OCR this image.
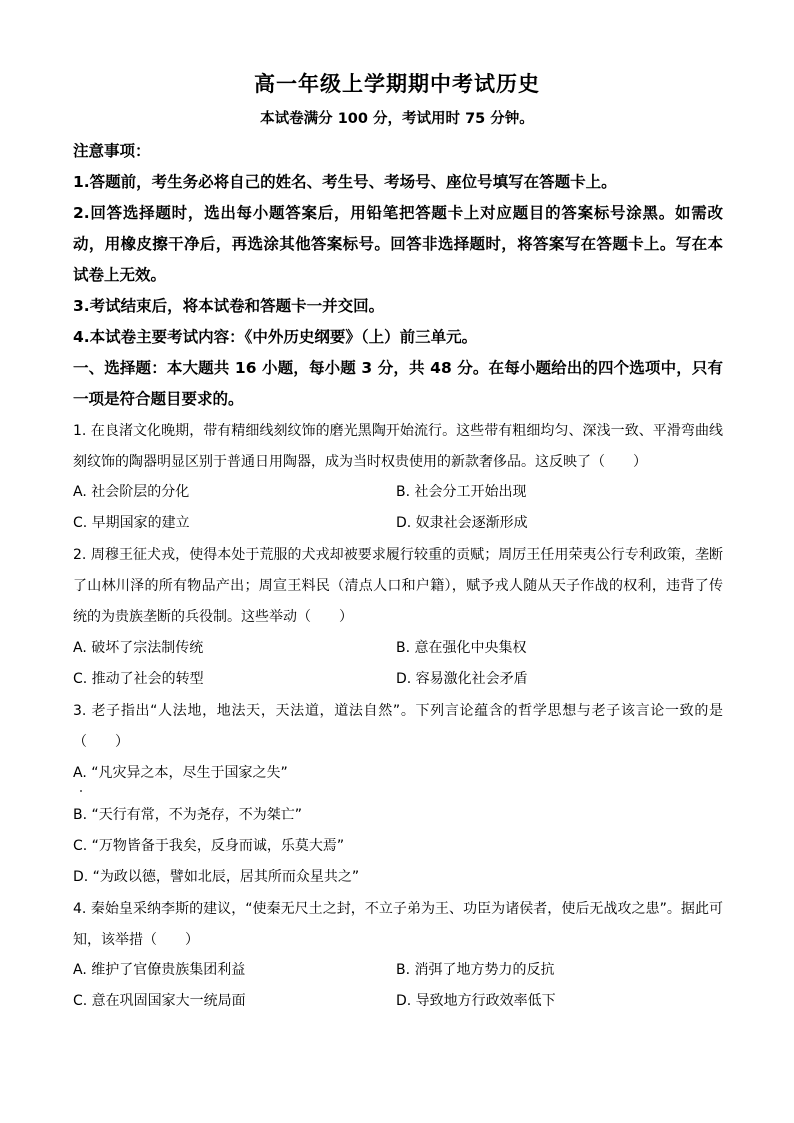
高一年级上学期期中考试历史
本试卷满分 100 分，考试用时 75 分钟。
注意事项：
1.答题前，考生务必将自己的姓名、考生号、考场号、座位号填写在答题卡上。
2.回答选择题时，选出每小题答案后，用铅笔把答题卡上对应题目的答案标号涂黑。如需改动，用橡皮擦干净后，再选涂其他答案标号。回答非选择题时，将答案写在答题卡上。写在本试卷上无效。
3.考试结束后，将本试卷和答题卡一并交回。
4.本试卷主要考试内容：《中外历史纲要》（上）前三单元。
一、选择题：本大题共 16 小题，每小题 3 分，共 48 分。在每小题给出的四个选项中，只有一项是符合题目要求的。
1. 在良渚文化晚期，带有精细线刻纹饰的磨光黑陶开始流行。这些带有粗细均匀、深浅一致、平滑弯曲线刻纹饰的陶器明显区别于普通日用陶器，成为当时权贵使用的新款奢侈品。这反映了（　　）
A. 社会阶层的分化	B. 社会分工开始出现
C. 早期国家的建立	D. 奴隶社会逐渐形成
2. 周穆王征犬戎，使得本处于荒服的犬戎却被要求履行较重的贡赋；周厉王任用荣夷公行专利政策，垄断了山林川泽的所有物品产出；周宣王料民（清点人口和户籍），赋予戎人随从天子作战的权利，违背了传统的为贵族垄断的兵役制。这些举动（　　）
A. 破坏了宗法制传统	B. 意在强化中央集权
C. 推动了社会的转型	D. 容易激化社会矛盾
3. 老子指出“人法地，地法天，天法道，道法自然”。下列言论蕴含的哲学思想与老子该言论一致的是（　　）
A. “凡灾异之本，尽生于国家之失”
B. “天行有常，不为尧存，不为桀亡”
C. “万物皆备于我矣，反身而诚，乐莫大焉”
D. “为政以德，譬如北辰，居其所而众星共之”
4. 秦始皇采纳李斯的建议，“使秦无尺土之封，不立子弟为王、功臣为诸侯者，使后无战攻之患”。据此可知，该举措（　　）
A. 维护了官僚贵族集团利益	B. 消弭了地方势力的反抗
C. 意在巩固国家大一统局面	D. 导致地方行政效率低下
